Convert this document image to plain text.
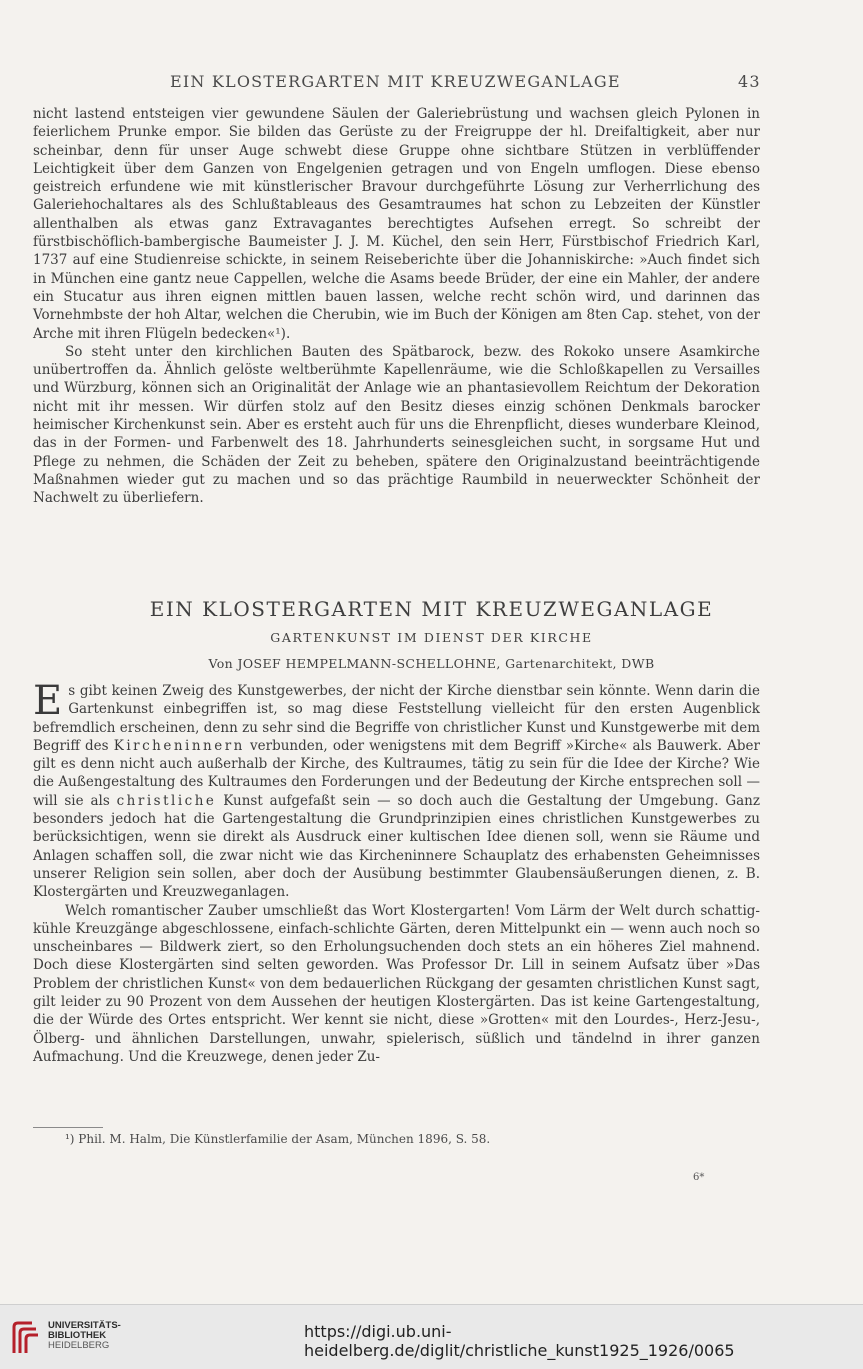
EIN KLOSTERGARTEN MIT KREUZWEGANLAGE	43

nicht lastend entsteigen vier gewundene Säulen der Galeriebrüstung und wachsen gleich Pylonen in feierlichem Prunke empor. Sie bilden das Gerüste zu der Freigruppe der hl. Dreifaltigkeit, aber nur scheinbar, denn für unser Auge schwebt diese Gruppe ohne sichtbare Stützen in verblüffender Leichtigkeit über dem Ganzen von Engelgenien getragen und von Engeln umflogen. Diese ebenso geistreich erfundene wie mit künstlerischer Bravour durchgeführte Lösung zur Verherrlichung des Galeriehochaltares als des Schlußtableaus des Gesamtraumes hat schon zu Lebzeiten der Künstler allenthalben als etwas ganz Extravagantes berechtigtes Aufsehen erregt. So schreibt der fürstbischöflich-bambergische Baumeister J. J. M. Küchel, den sein Herr, Fürstbischof Friedrich Karl, 1737 auf eine Studienreise schickte, in seinem Reiseberichte über die Johanniskirche: »Auch findet sich in München eine gantz neue Cappellen, welche die Asams beede Brüder, der eine ein Mahler, der andere ein Stucatur aus ihren eignen mittlen bauen lassen, welche recht schön wird, und darinnen das Vornehmbste der hoh Altar, welchen die Cherubin, wie im Buch der Königen am 8ten Cap. stehet, von der Arche mit ihren Flügeln bedecken«¹).

So steht unter den kirchlichen Bauten des Spätbarock, bezw. des Rokoko unsere Asamkirche unübertroffen da. Ähnlich gelöste weltberühmte Kapellenräume, wie die Schloßkapellen zu Versailles und Würzburg, können sich an Originalität der Anlage wie an phantasievollem Reichtum der Dekoration nicht mit ihr messen. Wir dürfen stolz auf den Besitz dieses einzig schönen Denkmals barocker heimischer Kirchenkunst sein. Aber es ersteht auch für uns die Ehrenpflicht, dieses wunderbare Kleinod, das in der Formen- und Farbenwelt des 18. Jahrhunderts seinesgleichen sucht, in sorgsame Hut und Pflege zu nehmen, die Schäden der Zeit zu beheben, spätere den Originalzustand beeinträchtigende Maßnahmen wieder gut zu machen und so das prächtige Raumbild in neuerweckter Schönheit der Nachwelt zu überliefern.

EIN KLOSTERGARTEN MIT KREUZWEGANLAGE
GARTENKUNST IM DIENST DER KIRCHE
Von JOSEF HEMPELMANN-SCHELLOHNE, Gartenarchitekt, DWB

Es gibt keinen Zweig des Kunstgewerbes, der nicht der Kirche dienstbar sein könnte. Wenn darin die Gartenkunst einbegriffen ist, so mag diese Feststellung vielleicht für den ersten Augenblick befremdlich erscheinen, denn zu sehr sind die Begriffe von christlicher Kunst und Kunstgewerbe mit dem Begriff des Kircheninnern verbunden, oder wenigstens mit dem Begriff »Kirche« als Bauwerk. Aber gilt es denn nicht auch außerhalb der Kirche, des Kultraumes, tätig zu sein für die Idee der Kirche? Wie die Außengestaltung des Kultraumes den Forderungen und der Bedeutung der Kirche entsprechen soll — will sie als christliche Kunst aufgefaßt sein — so doch auch die Gestaltung der Umgebung. Ganz besonders jedoch hat die Gartengestaltung die Grundprinzipien eines christlichen Kunstgewerbes zu berücksichtigen, wenn sie direkt als Ausdruck einer kultischen Idee dienen soll, wenn sie Räume und Anlagen schaffen soll, die zwar nicht wie das Kircheninnere Schauplatz des erhabensten Geheimnisses unserer Religion sein sollen, aber doch der Ausübung bestimmter Glaubensäußerungen dienen, z. B. Klostergärten und Kreuzweganlagen.

Welch romantischer Zauber umschließt das Wort Klostergarten! Vom Lärm der Welt durch schattig-kühle Kreuzgänge abgeschlossene, einfach-schlichte Gärten, deren Mittelpunkt ein — wenn auch noch so unscheinbares — Bildwerk ziert, so den Erholungsuchenden doch stets an ein höheres Ziel mahnend. Doch diese Klostergärten sind selten geworden. Was Professor Dr. Lill in seinem Aufsatz über »Das Problem der christlichen Kunst« von dem bedauerlichen Rückgang der gesamten christlichen Kunst sagt, gilt leider zu 90 Prozent von dem Aussehen der heutigen Klostergärten. Das ist keine Gartengestaltung, die der Würde des Ortes entspricht. Wer kennt sie nicht, diese »Grotten« mit den Lourdes-, Herz-Jesu-, Ölberg- und ähnlichen Darstellungen, unwahr, spielerisch, süßlich und tändelnd in ihrer ganzen Aufmachung. Und die Kreuzwege, denen jeder Zu-

¹) Phil. M. Halm, Die Künstlerfamilie der Asam, München 1896, S. 58.
6*
UNIVERSITÄTS-
BIBLIOTHEK
HEIDELBERG
https://digi.ub.uni-heidelberg.de/diglit/christliche_kunst1925_1926/0065
